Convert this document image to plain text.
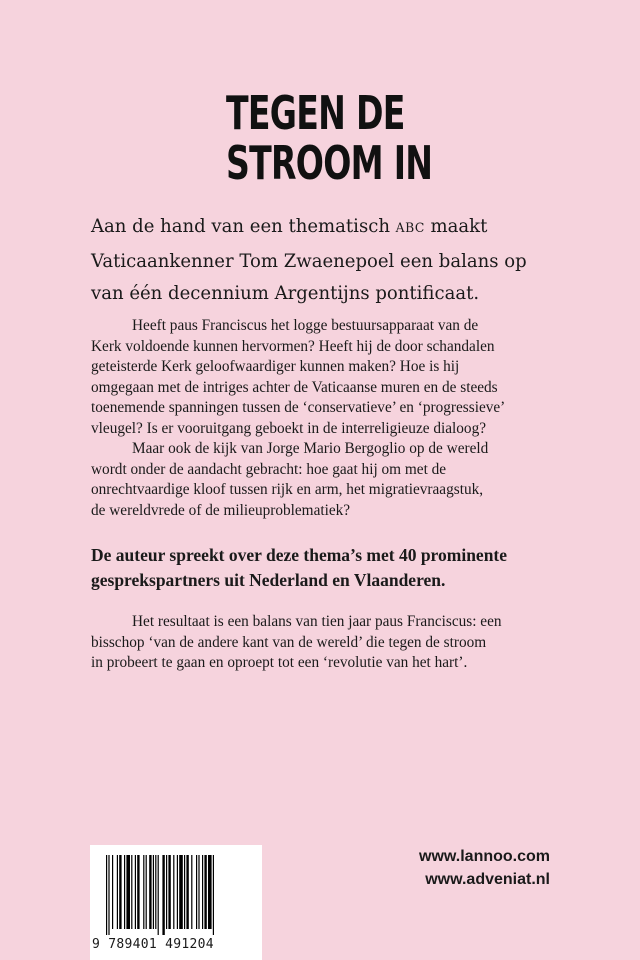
TEGEN DE
STROOM IN
Aan de hand van een thematisch ABC maakt
Vaticaankenner Tom Zwaenepoel een balans op
van één decennium Argentijns pontificaat.
Heeft paus Franciscus het logge bestuursapparaat van de
Kerk voldoende kunnen hervormen? Heeft hij de door schandalen
geteisterde Kerk geloofwaardiger kunnen maken? Hoe is hij
omgegaan met de intriges achter de Vaticaanse muren en de steeds
toenemende spanningen tussen de ‘conservatieve’ en ‘progressieve’
vleugel? Is er vooruitgang geboekt in de interreligieuze dialoog?
Maar ook de kijk van Jorge Mario Bergoglio op de wereld
wordt onder de aandacht gebracht: hoe gaat hij om met de
onrechtvaardige kloof tussen rijk en arm, het migratievraagstuk,
de wereldvrede of de milieuproblematiek?
De auteur spreekt over deze thema’s met 40 prominente
gesprekspartners uit Nederland en Vlaanderen.
Het resultaat is een balans van tien jaar paus Franciscus: een
bisschop ‘van de andere kant van de wereld’ die tegen de stroom
in probeert te gaan en oproept tot een ‘revolutie van het hart’.
9 789401 491204
www.lannoo.com
www.adveniat.nl
